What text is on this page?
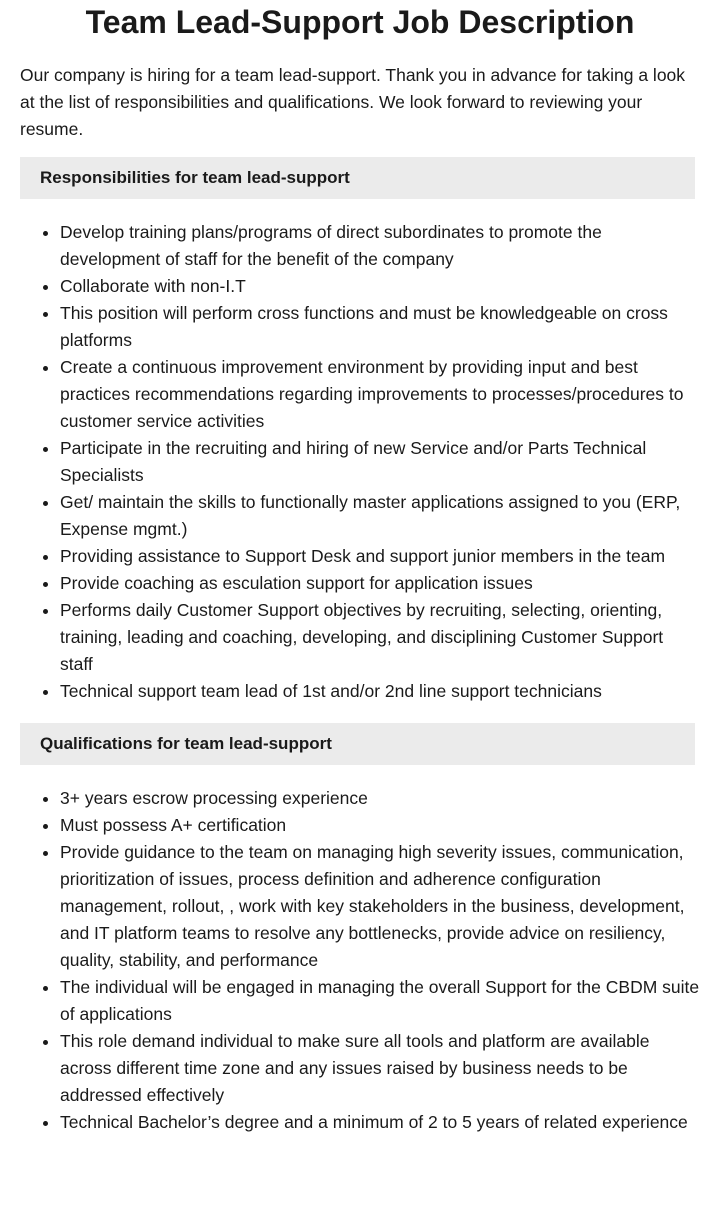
Team Lead-Support Job Description

Our company is hiring for a team lead-support. Thank you in advance for taking a look at the list of responsibilities and qualifications. We look forward to reviewing your resume.

Responsibilities for team lead-support
• Develop training plans/programs of direct subordinates to promote the development of staff for the benefit of the company
• Collaborate with non-I.T
• This position will perform cross functions and must be knowledgeable on cross platforms
• Create a continuous improvement environment by providing input and best practices recommendations regarding improvements to processes/procedures to customer service activities
• Participate in the recruiting and hiring of new Service and/or Parts Technical Specialists
• Get/ maintain the skills to functionally master applications assigned to you (ERP, Expense mgmt.)
• Providing assistance to Support Desk and support junior members in the team
• Provide coaching as esculation support for application issues
• Performs daily Customer Support objectives by recruiting, selecting, orienting, training, leading and coaching, developing, and disciplining Customer Support staff
• Technical support team lead of 1st and/or 2nd line support technicians
Qualifications for team lead-support
• 3+ years escrow processing experience
• Must possess A+ certification
• Provide guidance to the team on managing high severity issues, communication, prioritization of issues, process definition and adherence configuration management, rollout, , work with key stakeholders in the business, development, and IT platform teams to resolve any bottlenecks, provide advice on resiliency, quality, stability, and performance
• The individual will be engaged in managing the overall Support for the CBDM suite of applications
• This role demand individual to make sure all tools and platform are available across different time zone and any issues raised by business needs to be addressed effectively
• Technical Bachelor’s degree and a minimum of 2 to 5 years of related experience
